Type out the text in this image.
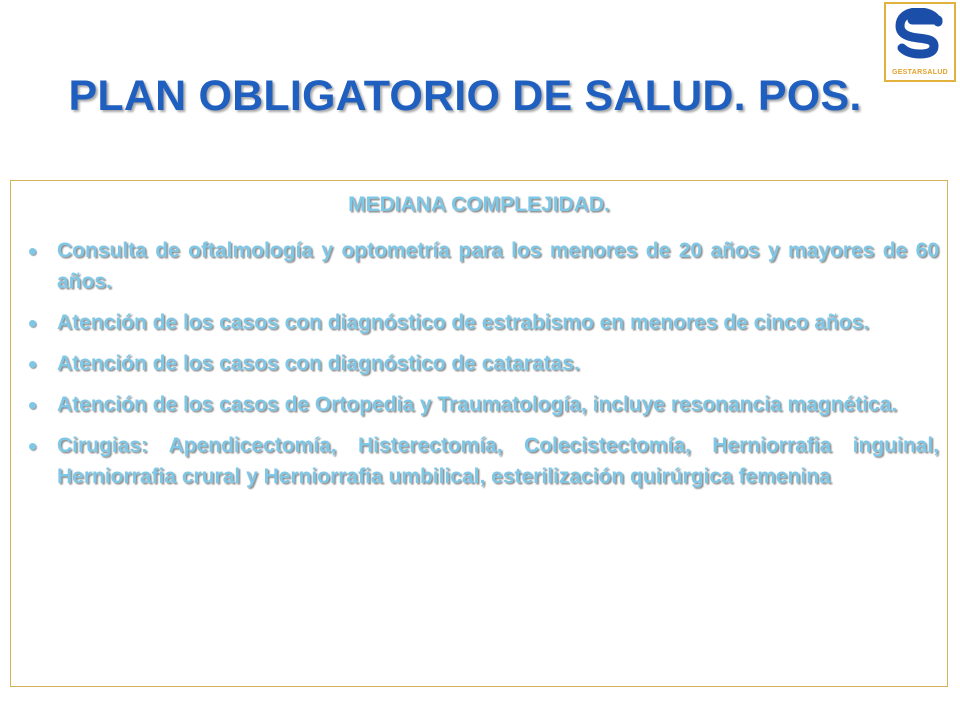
PLAN OBLIGATORIO DE SALUD. POS.	GESTARSALUD
MEDIANA COMPLEJIDAD.
Consulta de oftalmología y optometría para los menores de 20 años y mayores de 60 años.
Atención de los casos con diagnóstico de estrabismo en menores de cinco años.
Atención de los casos con diagnóstico de cataratas.
Atención de los casos de Ortopedia y Traumatología, incluye resonancia magnética.
Cirugias: Apendicectomía, Histerectomía, Colecistectomía, Herniorrafia inguinal, Herniorrafia crural y Herniorrafia umbilical, esterilización quirúrgica femenina
